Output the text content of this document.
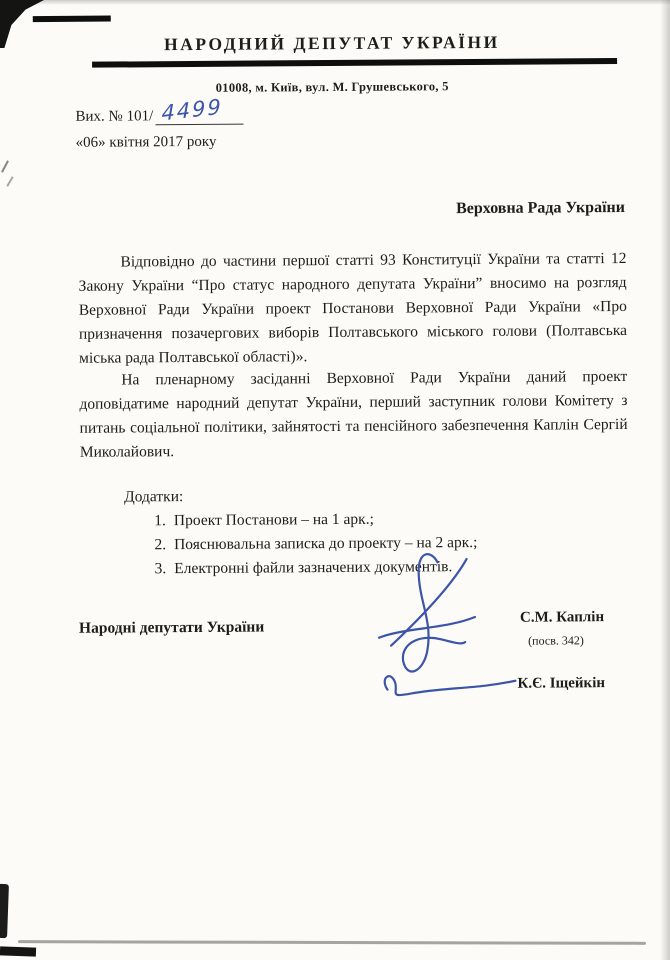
НАРОДНИЙ ДЕПУТАТ УКРАЇНИ
01008, м. Київ, вул. М. Грушевського, 5
Вих. № 101/ 4499
«06» квітня 2017 року
Верховна Рада України
Відповідно до частини першої статті 93 Конституції України та статті 12 Закону України “Про статус народного депутата України” вносимо на розгляд Верховної Ради України проект Постанови Верховної Ради України «Про призначення позачергових виборів Полтавського міського голови (Полтавська міська рада Полтавської області)».
На пленарному засіданні Верховної Ради України даний проект доповідатиме народний депутат України, перший заступник голови Комітету з питань соціальної політики, зайнятості та пенсійного забезпечення Каплін Сергій Миколайович.
Додатки:
1. Проект Постанови – на 1 арк.;
2. Пояснювальна записка до проекту – на 2 арк.;
3. Електронні файли зазначених документів.
Народні депутати України
С.М. Каплін
(посв. 342)
К.Є. Іщейкін
